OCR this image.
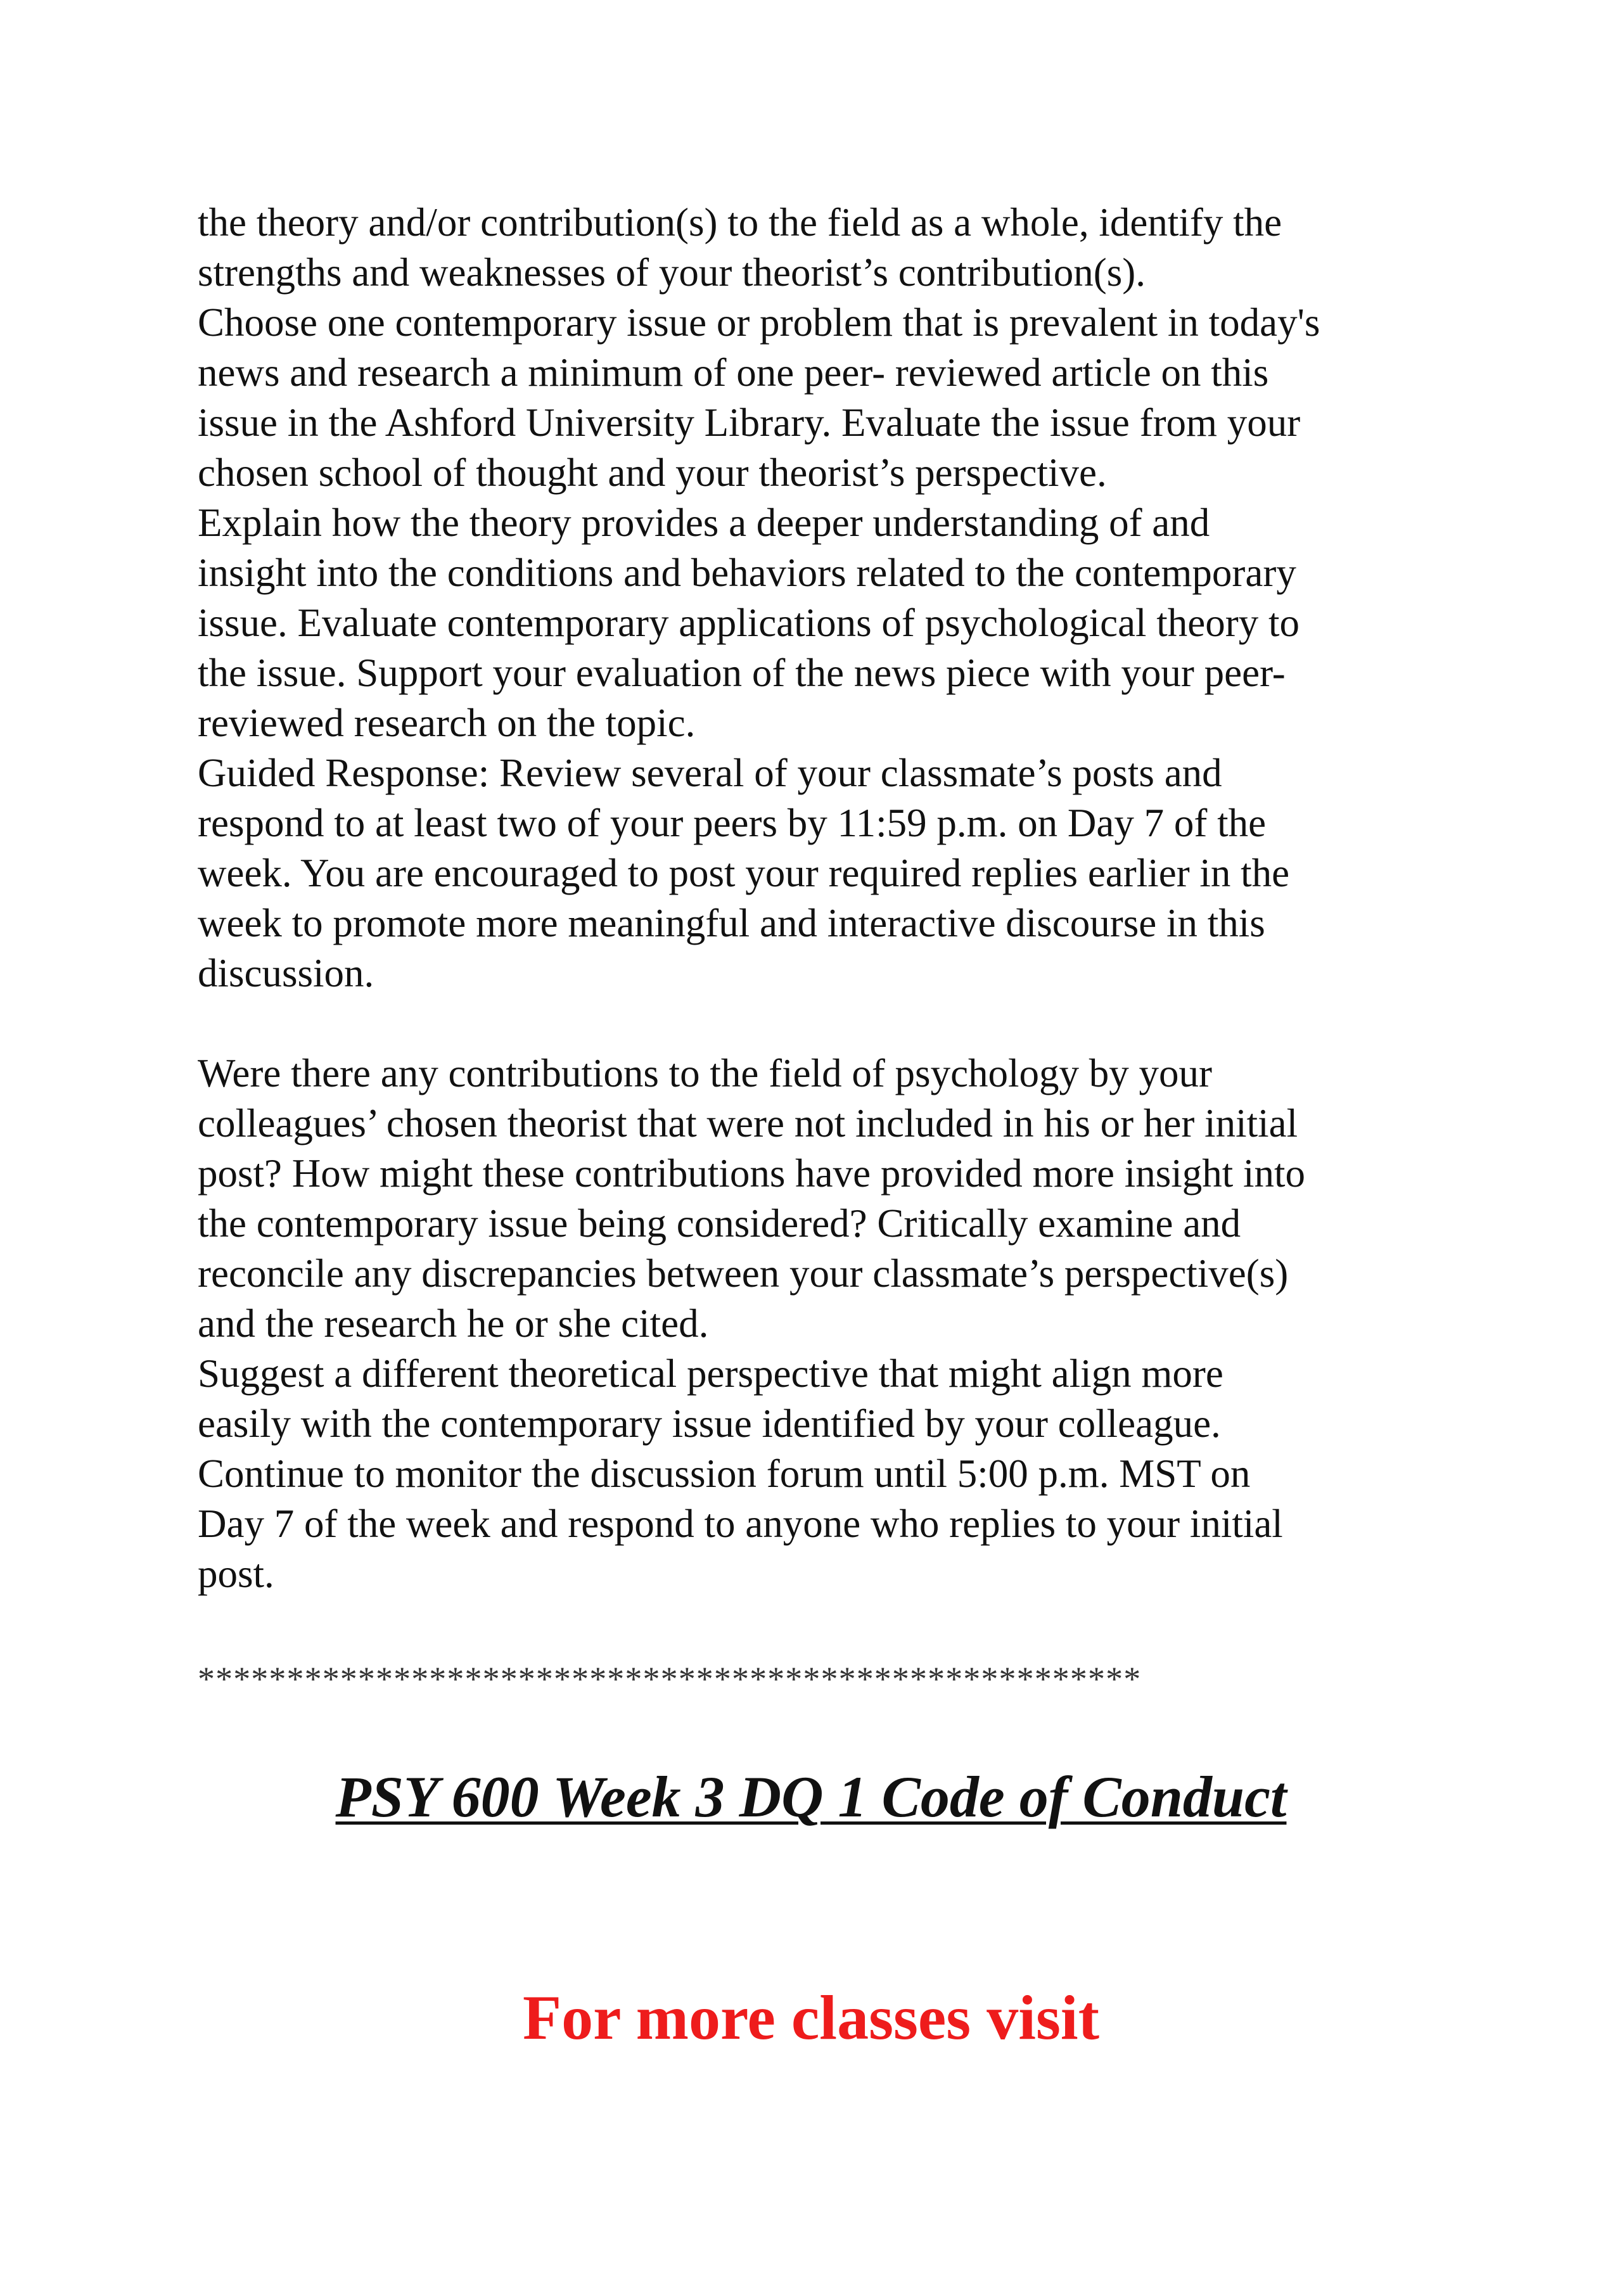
the theory and/or contribution(s) to the field as a whole, identify the
strengths and weaknesses of your theorist’s contribution(s).
Choose one contemporary issue or problem that is prevalent in today's
news and research a minimum of one peer- reviewed article on this
issue in the Ashford University Library. Evaluate the issue from your
chosen school of thought and your theorist’s perspective.
Explain how the theory provides a deeper understanding of and
insight into the conditions and behaviors related to the contemporary
issue. Evaluate contemporary applications of psychological theory to
the issue. Support your evaluation of the news piece with your peer-
reviewed research on the topic.
Guided Response: Review several of your classmate’s posts and
respond to at least two of your peers by 11:59 p.m. on Day 7 of the
week. You are encouraged to post your required replies earlier in the
week to promote more meaningful and interactive discourse in this
discussion.
Were there any contributions to the field of psychology by your
colleagues’ chosen theorist that were not included in his or her initial
post? How might these contributions have provided more insight into
the contemporary issue being considered? Critically examine and
reconcile any discrepancies between your classmate’s perspective(s)
and the research he or she cited.
Suggest a different theoretical perspective that might align more
easily with the contemporary issue identified by your colleague.
Continue to monitor the discussion forum until 5:00 p.m. MST on
Day 7 of the week and respond to anyone who replies to your initial
post.
*****************************************************
PSY 600 Week 3 DQ 1 Code of Conduct
For more classes visit
